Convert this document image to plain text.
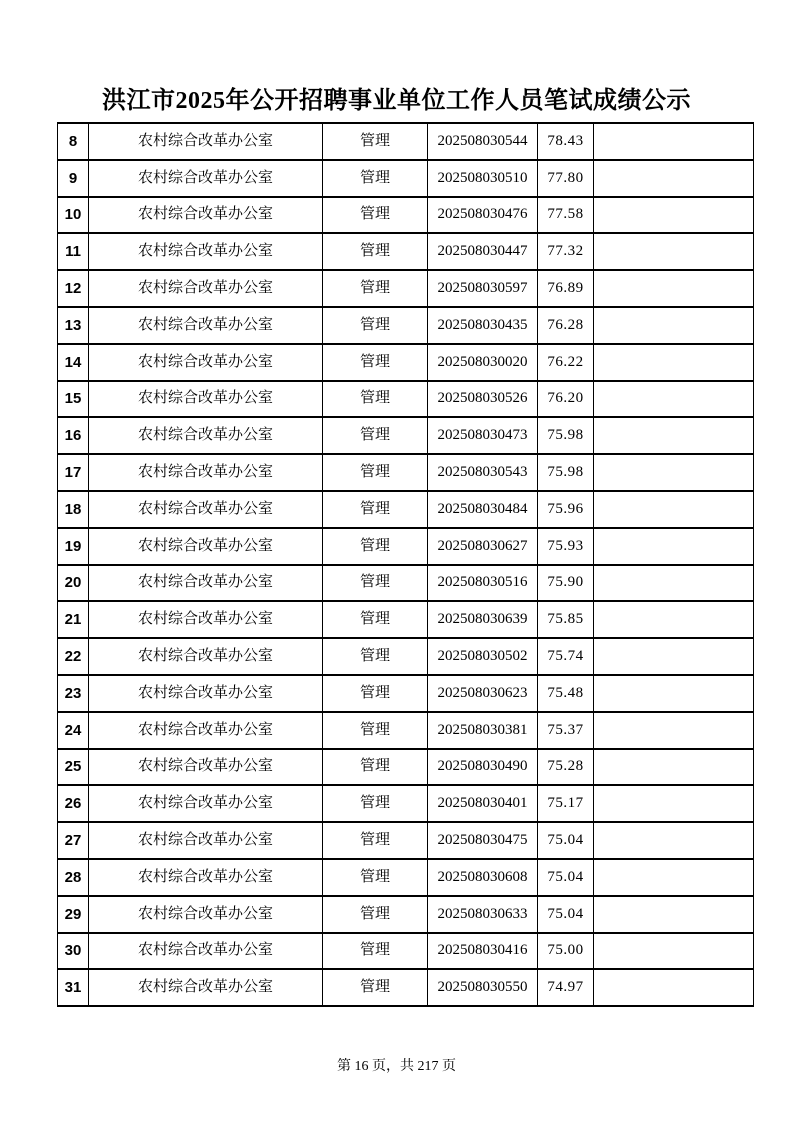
洪江市2025年公开招聘事业单位工作人员笔试成绩公示
8	农村综合改革办公室	管理	202508030544	78.43	
9	农村综合改革办公室	管理	202508030510	77.80	
10	农村综合改革办公室	管理	202508030476	77.58	
11	农村综合改革办公室	管理	202508030447	77.32	
12	农村综合改革办公室	管理	202508030597	76.89	
13	农村综合改革办公室	管理	202508030435	76.28	
14	农村综合改革办公室	管理	202508030020	76.22	
15	农村综合改革办公室	管理	202508030526	76.20	
16	农村综合改革办公室	管理	202508030473	75.98	
17	农村综合改革办公室	管理	202508030543	75.98	
18	农村综合改革办公室	管理	202508030484	75.96	
19	农村综合改革办公室	管理	202508030627	75.93	
20	农村综合改革办公室	管理	202508030516	75.90	
21	农村综合改革办公室	管理	202508030639	75.85	
22	农村综合改革办公室	管理	202508030502	75.74	
23	农村综合改革办公室	管理	202508030623	75.48	
24	农村综合改革办公室	管理	202508030381	75.37	
25	农村综合改革办公室	管理	202508030490	75.28	
26	农村综合改革办公室	管理	202508030401	75.17	
27	农村综合改革办公室	管理	202508030475	75.04	
28	农村综合改革办公室	管理	202508030608	75.04	
29	农村综合改革办公室	管理	202508030633	75.04	
30	农村综合改革办公室	管理	202508030416	75.00	
31	农村综合改革办公室	管理	202508030550	74.97	
第 16 页，共 217 页
